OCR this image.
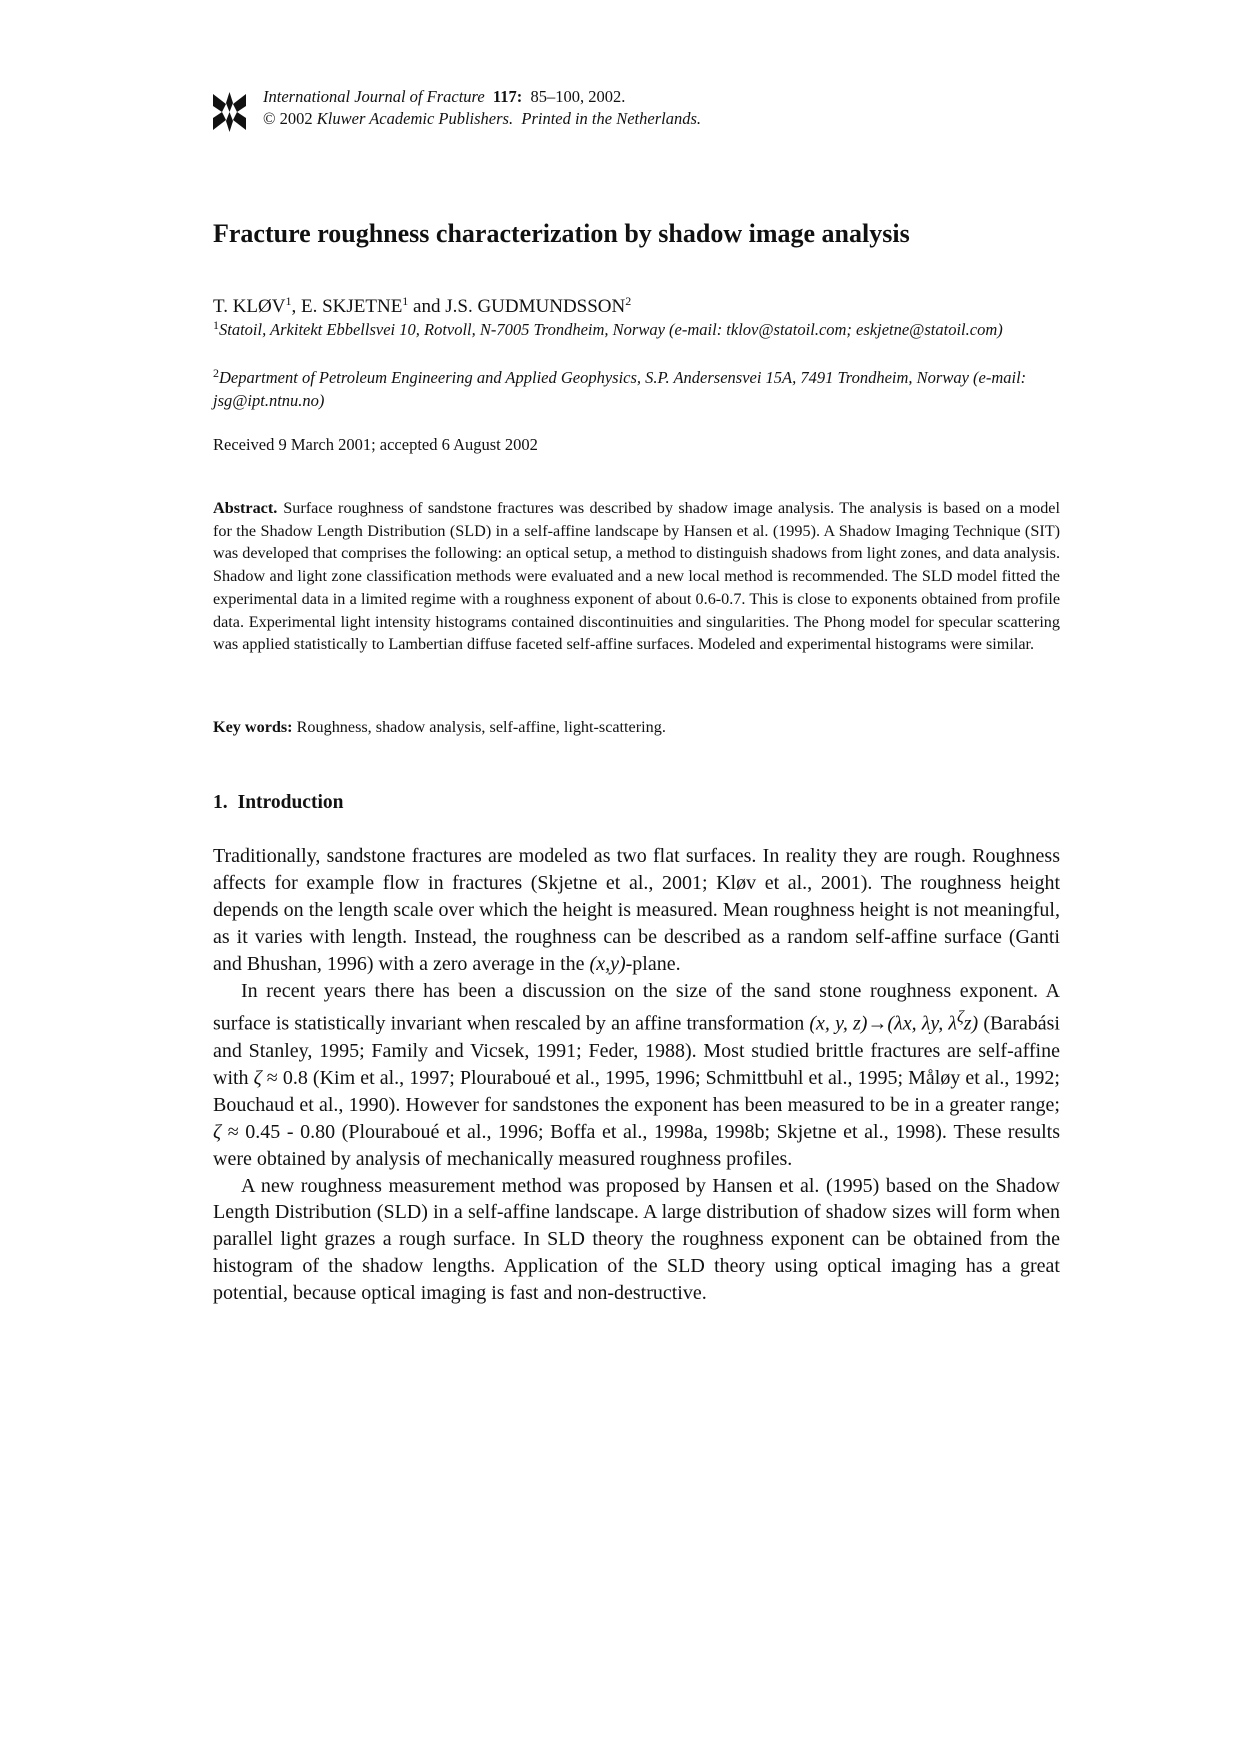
International Journal of Fracture 117: 85–100, 2002.
© 2002 Kluwer Academic Publishers. Printed in the Netherlands.
Fracture roughness characterization by shadow image analysis
T. KLØV$^1$, E. SKJETNE$^1$ and J.S. GUDMUNDSSON$^2$
$^1$Statoil, Arkitekt Ebbellsvei 10, Rotvoll, N-7005 Trondheim, Norway (e-mail: tklov@statoil.com; eskjetne@statoil.com)
$^2$Department of Petroleum Engineering and Applied Geophysics, S.P. Andersensvei 15A, 7491 Trondheim, Norway (e-mail: jsg@ipt.ntnu.no)
Received 9 March 2001; accepted 6 August 2002

Abstract. Surface roughness of sandstone fractures was described by shadow image analysis. The analysis is based on a model for the Shadow Length Distribution (SLD) in a self-affine landscape by Hansen et al. (1995). A Shadow Imaging Technique (SIT) was developed that comprises the following: an optical setup, a method to distinguish shadows from light zones, and data analysis. Shadow and light zone classification methods were evaluated and a new local method is recommended. The SLD model fitted the experimental data in a limited regime with a roughness exponent of about 0.6-0.7. This is close to exponents obtained from profile data. Experimental light intensity histograms contained discontinuities and singularities. The Phong model for specular scattering was applied statistically to Lambertian diffuse faceted self-affine surfaces. Modeled and experimental histograms were similar.

Key words: Roughness, shadow analysis, self-affine, light-scattering.

1. Introduction

Traditionally, sandstone fractures are modeled as two flat surfaces. In reality they are rough. Roughness affects for example flow in fractures (Skjetne et al., 2001; Kløv et al., 2001). The roughness height depends on the length scale over which the height is measured. Mean roughness height is not meaningful, as it varies with length. Instead, the roughness can be described as a random self-affine surface (Ganti and Bhushan, 1996) with a zero average in the (x,y)-plane.

In recent years there has been a discussion on the size of the sand stone roughness exponent. A surface is statistically invariant when rescaled by an affine transformation (x, y, z)→(λx, λy, $\lambda^\zeta z$) (Barabási and Stanley, 1995; Family and Vicsek, 1991; Feder, 1988). Most studied brittle fractures are self-affine with ζ ≈ 0.8 (Kim et al., 1997; Plouraboué et al., 1995, 1996; Schmittbuhl et al., 1995; Måløy et al., 1992; Bouchaud et al., 1990). However for sandstones the exponent has been measured to be in a greater range; ζ ≈ 0.45 - 0.80 (Plouraboué et al., 1996; Boffa et al., 1998a, 1998b; Skjetne et al., 1998). These results were obtained by analysis of mechanically measured roughness profiles.

A new roughness measurement method was proposed by Hansen et al. (1995) based on the Shadow Length Distribution (SLD) in a self-affine landscape. A large distribution of shadow sizes will form when parallel light grazes a rough surface. In SLD theory the roughness exponent can be obtained from the histogram of the shadow lengths. Application of the SLD theory using optical imaging has a great potential, because optical imaging is fast and non-destructive.
